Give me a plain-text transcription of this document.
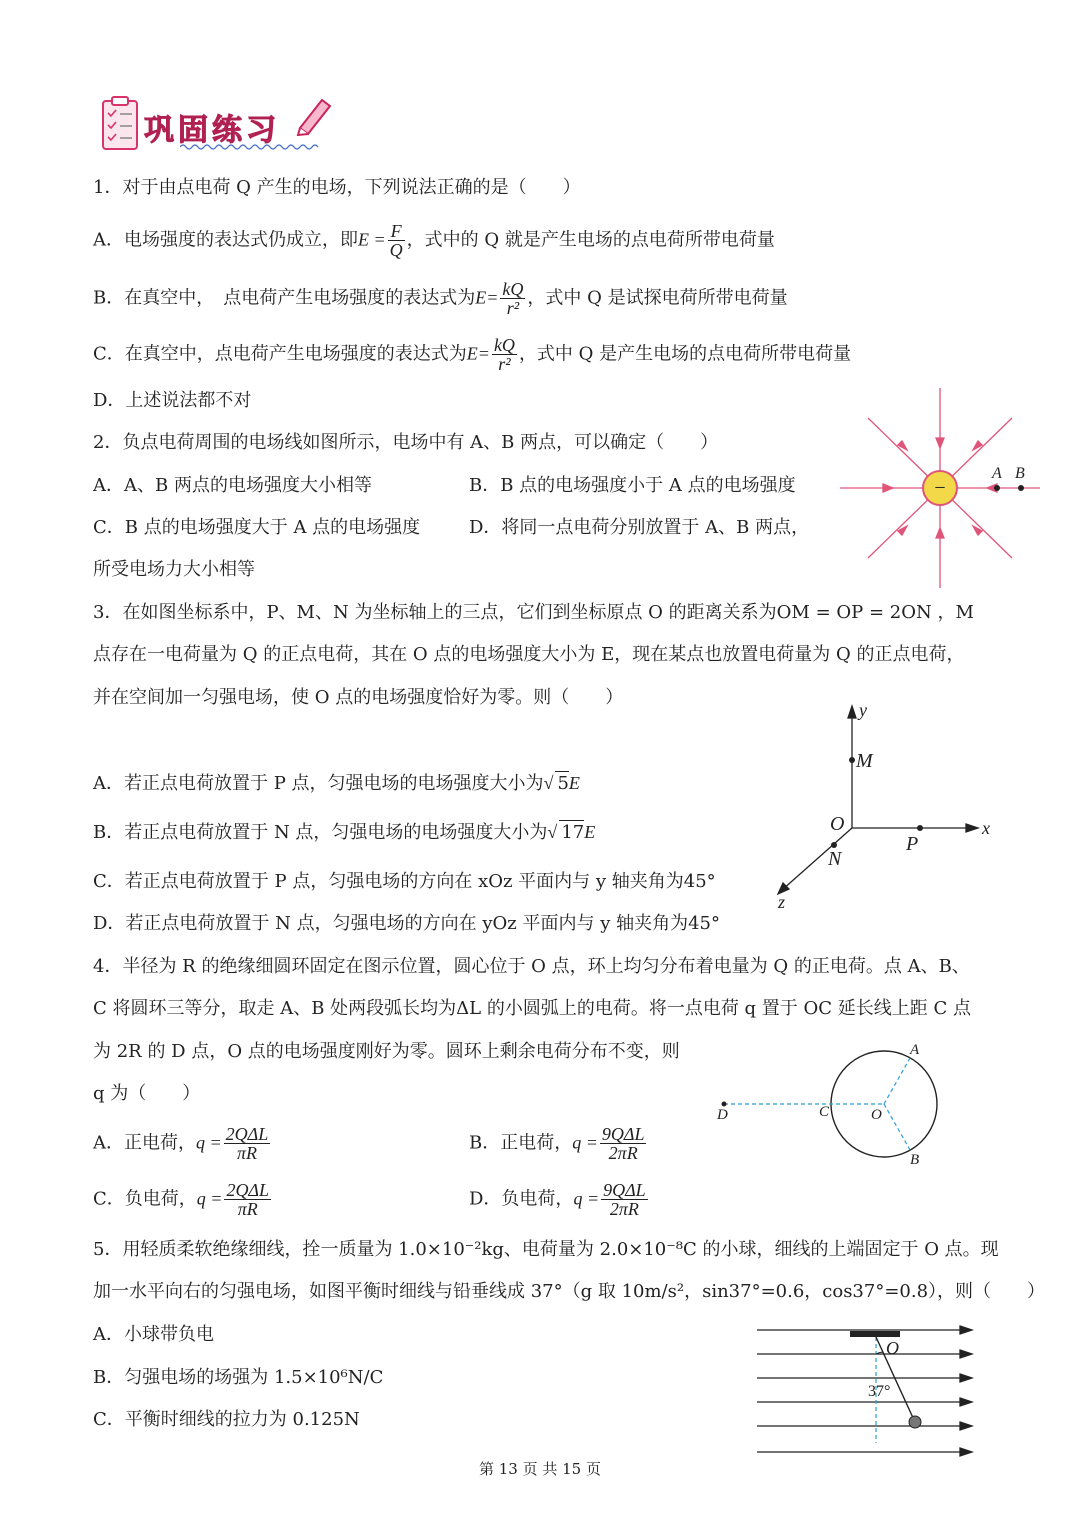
巩固练习
1．对于由点电荷 Q 产生的电场，下列说法正确的是（　　）
A．电场强度的表达式仍成立，即$E = \frac{F}{Q}$ ，式中的 Q 就是产生电场的点电荷所带电荷量
B．在真空中，　点电荷产生电场强度的表达式为$E= \frac{kQ}{\text{r²}}$ ，式中 Q 是试探电荷所带电荷量
C．在真空中，点电荷产生电场强度的表达式为$E= \frac{kQ}{\text{r²}}$ ，式中 Q 是产生电场的点电荷所带电荷量
D．上述说法都不对
2．负点电荷周围的电场线如图所示，电场中有 A、B 两点，可以确定（　　）
A．A、B 两点的电场强度大小相等	B．B 点的电场强度小于 A 点的电场强度
C．B 点的电场强度大于 A 点的电场强度	D．将同一点电荷分别放置于 A、B 两点，
所受电场力大小相等
−
A B
3．在如图坐标系中，P、M、N 为坐标轴上的三点，它们到坐标原点 O 的距离关系为OM = OP = 2ON ，M
点存在一电荷量为 Q 的正点电荷，其在 O 点的电场强度大小为 E，现在某点也放置电荷量为 Q 的正点电荷，
并在空间加一匀强电场，使 O 点的电场强度恰好为零。则（　　）
A．若正点电荷放置于 P 点，匀强电场的电场强度大小为√ 5E
B．若正点电荷放置于 N 点，匀强电场的电场强度大小为√ 17E
C．若正点电荷放置于 P 点，匀强电场的方向在 xOz 平面内与 y 轴夹角为45°
D．若正点电荷放置于 N 点，匀强电场的方向在 yOz 平面内与 y 轴夹角为45°
y
x
z
O
M
N
P
4．半径为 R 的绝缘细圆环固定在图示位置，圆心位于 O 点，环上均匀分布着电量为 Q 的正电荷。点 A、B、
C 将圆环三等分，取走 A、B 处两段弧长均为ΔL 的小圆弧上的电荷。将一点电荷 q 置于 OC 延长线上距 C 点
为 2R 的 D 点，O 点的电场强度刚好为零。圆环上剩余电荷分布不变，则
q 为（　　）
A．正电荷，$q = \frac{\text{2QΔL}}{\pi R}$	B．正电荷，$q = \frac{\text{9QΔL}}{2\pi R}$
C．负电荷，$q = \frac{\text{2QΔL}}{\pi R}$	D．负电荷，$q = \frac{\text{9QΔL}}{2\pi R}$
D	C	O
A
B
5．用轻质柔软绝缘细线，拴一质量为 1.0×10⁻²kg、电荷量为 2.0×10⁻⁸C 的小球，细线的上端固定于 O 点。现
加一水平向右的匀强电场，如图平衡时细线与铅垂线成 37°（g 取 10m/s²，sin37°=0.6，cos37°=0.8），则（　　）
A．小球带负电
B．匀强电场的场强为 1.5×10⁶N/C
C．平衡时细线的拉力为 0.125N
O
37°
第 13 页 共 15 页
